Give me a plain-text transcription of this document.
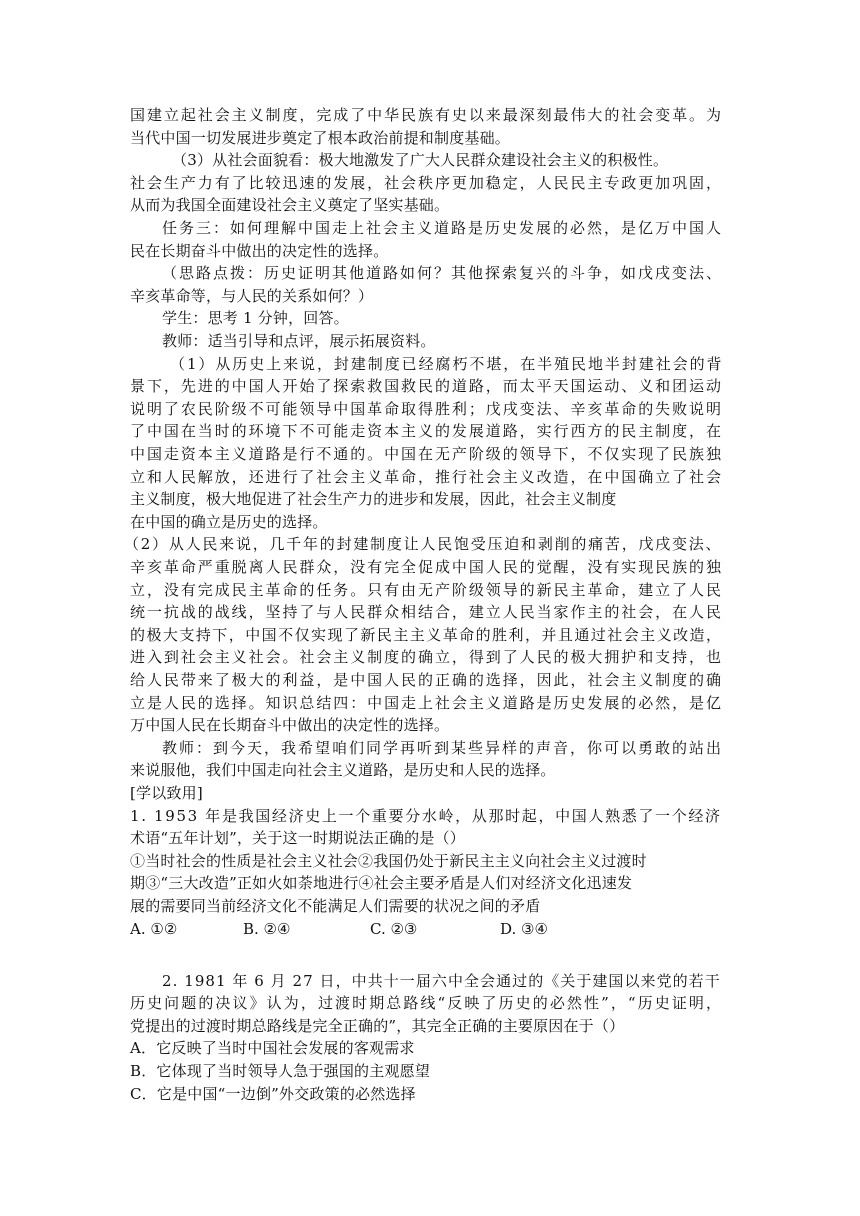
国建立起社会主义制度，完成了中华民族有史以来最深刻最伟大的社会变革。为
当代中国一切发展进步奠定了根本政治前提和制度基础。
（3）从社会面貌看：极大地激发了广大人民群众建设社会主义的积极性。
社会生产力有了比较迅速的发展，社会秩序更加稳定，人民民主专政更加巩固，
从而为我国全面建设社会主义奠定了坚实基础。
任务三：如何理解中国走上社会主义道路是历史发展的必然，是亿万中国人
民在长期奋斗中做出的决定性的选择。
（思路点拨：历史证明其他道路如何？其他探索复兴的斗争，如戊戌变法、
辛亥革命等，与人民的关系如何？）
学生：思考 1 分钟，回答。
教师：适当引导和点评，展示拓展资料。
（1）从历史上来说，封建制度已经腐朽不堪，在半殖民地半封建社会的背
景下，先进的中国人开始了探索救国救民的道路，而太平天国运动、义和团运动
说明了农民阶级不可能领导中国革命取得胜利；戊戌变法、辛亥革命的失败说明
了中国在当时的环境下不可能走资本主义的发展道路，实行西方的民主制度，在
中国走资本主义道路是行不通的。中国在无产阶级的领导下，不仅实现了民族独
立和人民解放，还进行了社会主义革命，推行社会主义改造，在中国确立了社会
主义制度，极大地促进了社会生产力的进步和发展，因此，社会主义制度
在中国的确立是历史的选择。
（2）从人民来说，几千年的封建制度让人民饱受压迫和剥削的痛苦，戊戌变法、
辛亥革命严重脱离人民群众，没有完全促成中国人民的觉醒，没有实现民族的独
立，没有完成民主革命的任务。只有由无产阶级领导的新民主革命，建立了人民
统一抗战的战线，坚持了与人民群众相结合，建立人民当家作主的社会，在人民
的极大支持下，中国不仅实现了新民主主义革命的胜利，并且通过社会主义改造，
进入到社会主义社会。社会主义制度的确立，得到了人民的极大拥护和支持，也
给人民带来了极大的利益，是中国人民的正确的选择，因此，社会主义制度的确
立是人民的选择。知识总结四：中国走上社会主义道路是历史发展的必然，是亿
万中国人民在长期奋斗中做出的决定性的选择。
教师：到今天，我希望咱们同学再听到某些异样的声音，你可以勇敢的站出
来说服他，我们中国走向社会主义道路，是历史和人民的选择。
[学以致用]
1. 1953 年是我国经济史上一个重要分水岭，从那时起，中国人熟悉了一个经济
术语“五年计划”，关于这一时期说法正确的是（）
①当时社会的性质是社会主义社会②我国仍处于新民主主义向社会主义过渡时
期③“三大改造”正如火如荼地进行④社会主要矛盾是人们对经济文化迅速发
展的需要同当前经济文化不能满足人们需要的状况之间的矛盾
A. ①②	B. ②④	C. ②③	D. ③④
2. 1981 年 6 月 27 日，中共十一届六中全会通过的《关于建国以来党的若干
历史问题的决议》认为，过渡时期总路线“反映了历史的必然性”，“历史证明，
党提出的过渡时期总路线是完全正确的”，其完全正确的主要原因在于（）
A．它反映了当时中国社会发展的客观需求
B．它体现了当时领导人急于强国的主观愿望
C．它是中国“一边倒”外交政策的必然选择
